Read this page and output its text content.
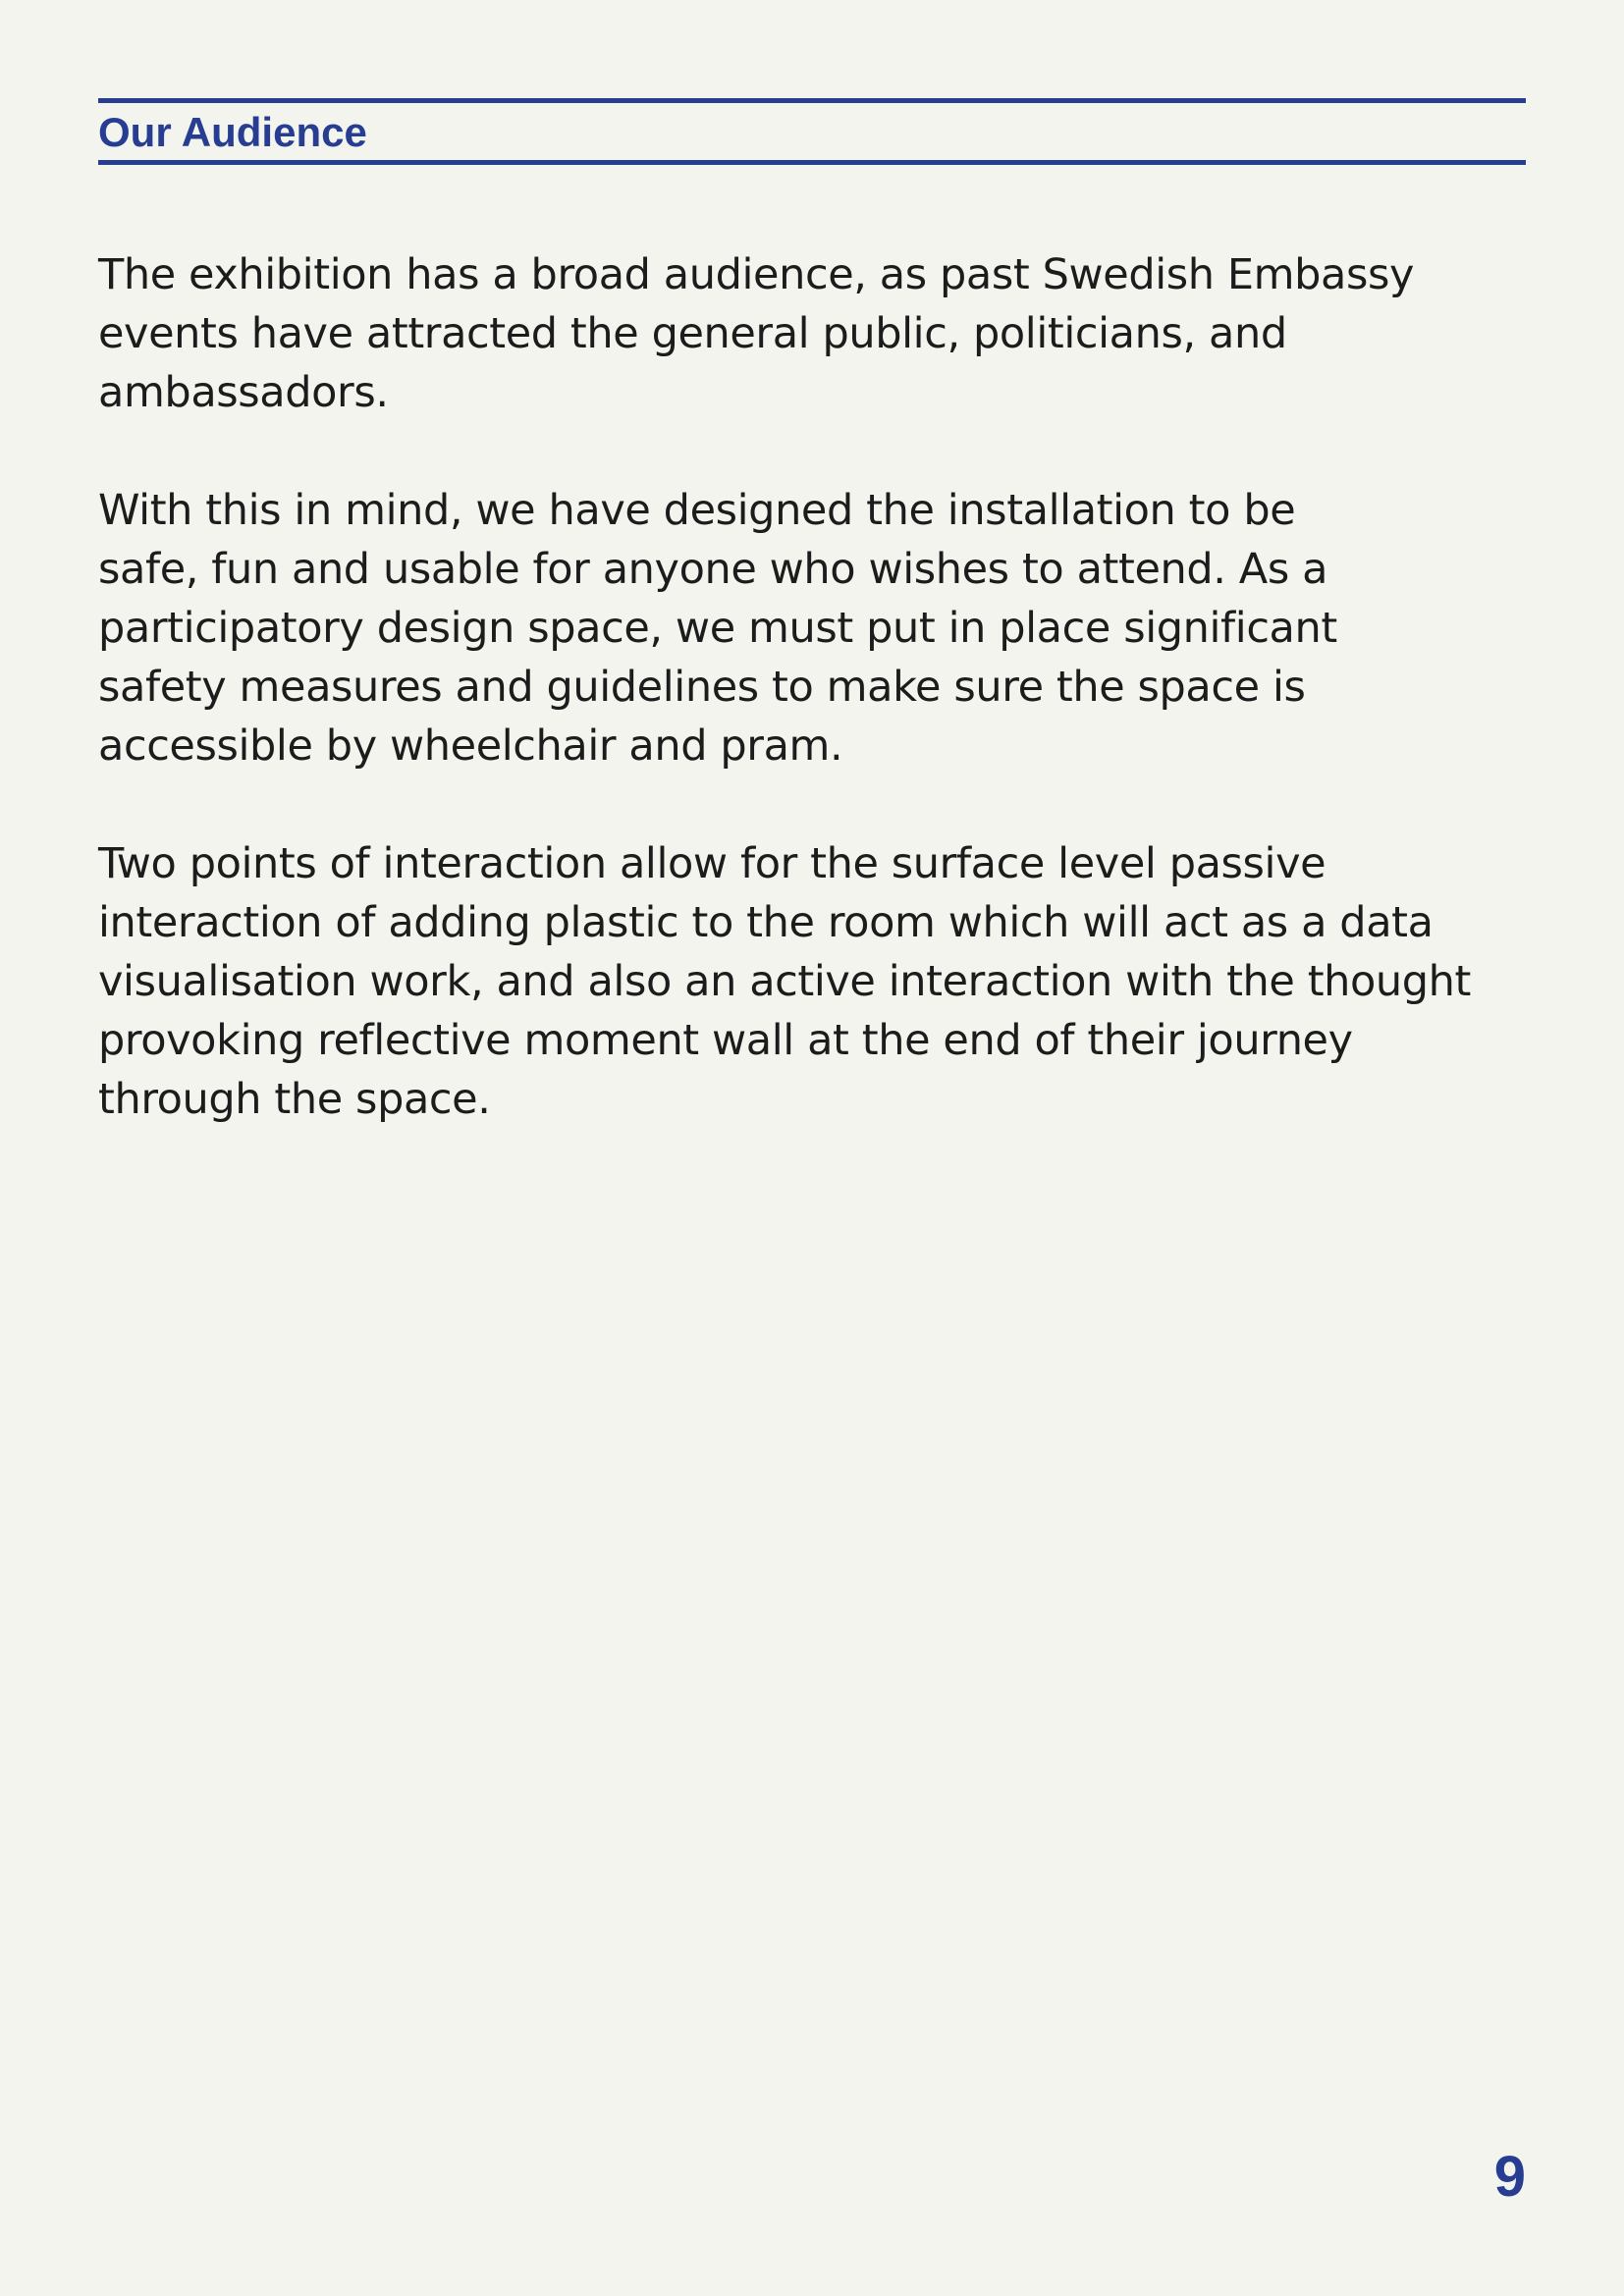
Our Audience

The exhibition has a broad audience, as past Swedish Embassy
events have attracted the general public, politicians, and
ambassadors.

With this in mind, we have designed the installation to be
safe, fun and usable for anyone who wishes to attend. As a
participatory design space, we must put in place significant
safety measures and guidelines to make sure the space is
accessible by wheelchair and pram.

Two points of interaction allow for the surface level passive
interaction of adding plastic to the room which will act as a data
visualisation work, and also an active interaction with the thought
provoking reflective moment wall at the end of their journey
through the space.

9
